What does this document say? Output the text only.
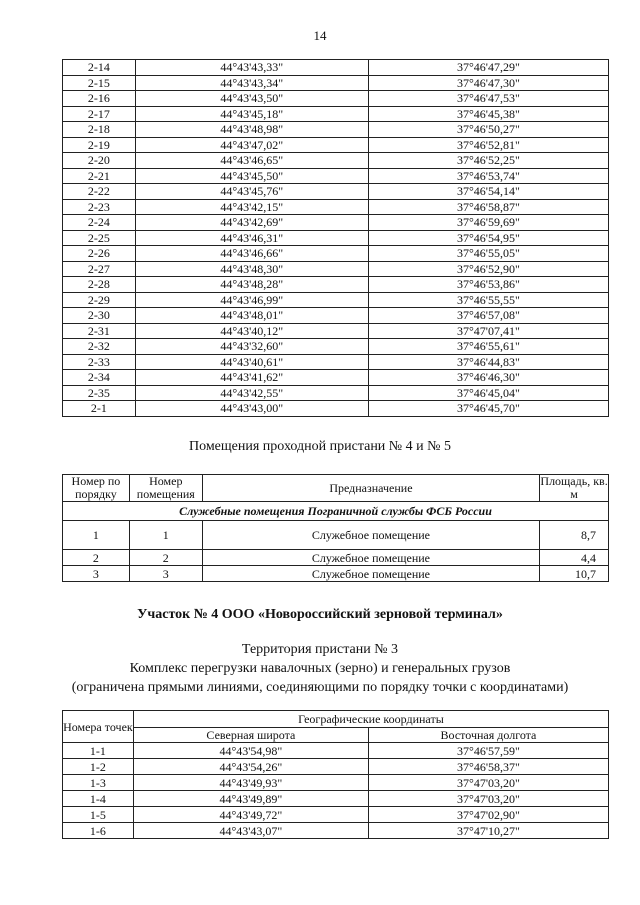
14
2-14	44°43'43,33"	37°46'47,29"
2-15	44°43'43,34"	37°46'47,30"
2-16	44°43'43,50"	37°46'47,53"
2-17	44°43'45,18"	37°46'45,38"
2-18	44°43'48,98"	37°46'50,27"
2-19	44°43'47,02"	37°46'52,81"
2-20	44°43'46,65"	37°46'52,25"
2-21	44°43'45,50"	37°46'53,74"
2-22	44°43'45,76"	37°46'54,14"
2-23	44°43'42,15"	37°46'58,87"
2-24	44°43'42,69"	37°46'59,69"
2-25	44°43'46,31"	37°46'54,95"
2-26	44°43'46,66"	37°46'55,05"
2-27	44°43'48,30"	37°46'52,90"
2-28	44°43'48,28"	37°46'53,86"
2-29	44°43'46,99"	37°46'55,55"
2-30	44°43'48,01"	37°46'57,08"
2-31	44°43'40,12"	37°47'07,41"
2-32	44°43'32,60"	37°46'55,61"
2-33	44°43'40,61"	37°46'44,83"
2-34	44°43'41,62"	37°46'46,30"
2-35	44°43'42,55"	37°46'45,04"
2-1	44°43'43,00"	37°46'45,70"
Помещения проходной пристани № 4 и № 5
Номер по порядку	Номер помещения	Предназначение	Площадь, кв. м
Служебные помещения Пограничной службы ФСБ России			
1	1	Служебное помещение	8,7
2	2	Служебное помещение	4,4
3	3	Служебное помещение	10,7
Участок № 4 ООО «Новороссийский зерновой терминал»
Территория пристани № 3
Комплекс перегрузки навалочных (зерно) и генеральных грузов
(ограничена прямыми линиями, соединяющими по порядку точки с координатами)
Номера точек	Географические координаты	
	Северная широта	Восточная долгота
1-1	44°43'54,98"	37°46'57,59"
1-2	44°43'54,26"	37°46'58,37"
1-3	44°43'49,93"	37°47'03,20"
1-4	44°43'49,89"	37°47'03,20"
1-5	44°43'49,72"	37°47'02,90"
1-6	44°43'43,07"	37°47'10,27"
